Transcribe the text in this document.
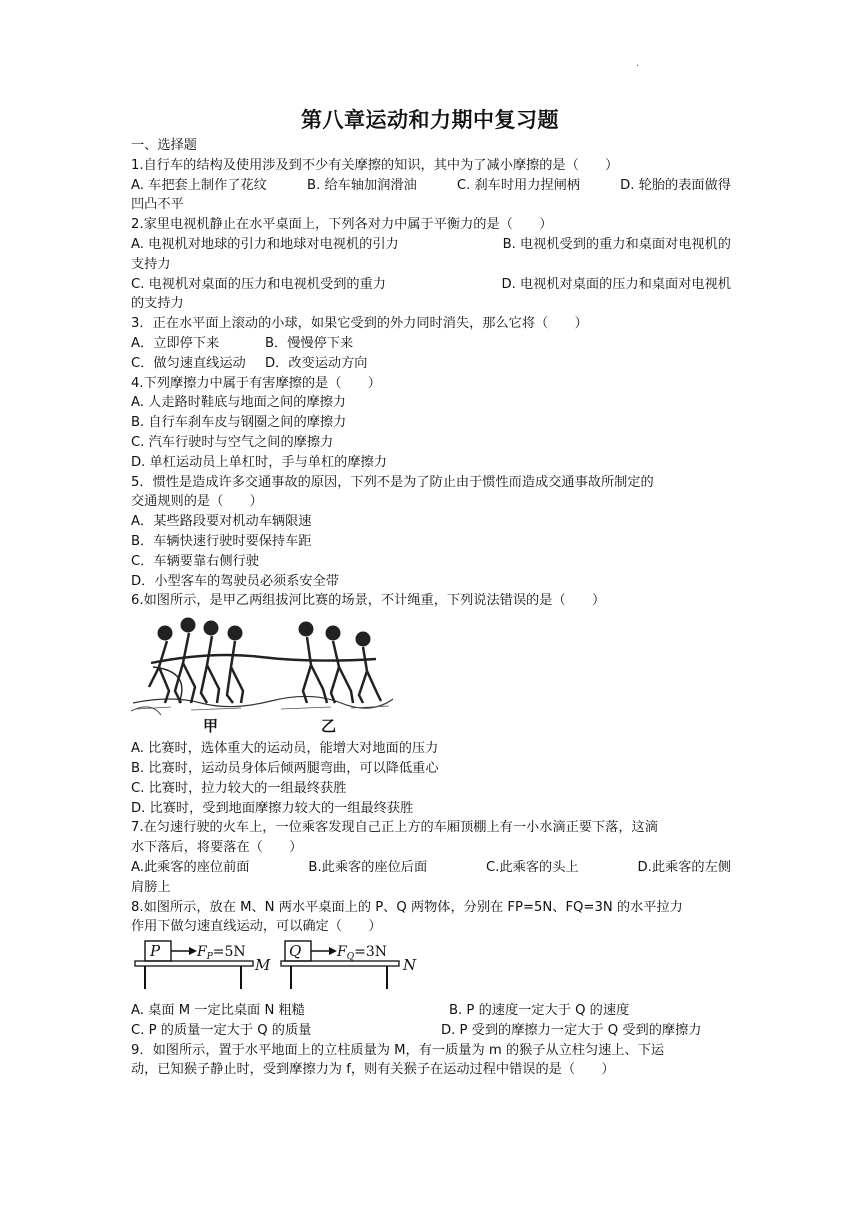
.
第八章运动和力期中复习题
一、选择题
1.自行车的结构及使用涉及到不少有关摩擦的知识，其中为了减小摩擦的是（　　）
A. 车把套上制作了花纹	B. 给车轴加润滑油	C. 刹车时用力捏闸柄	D. 轮胎的表面做得
凹凸不平
2.家里电视机静止在水平桌面上，下列各对力中属于平衡力的是（　　）
A. 电视机对地球的引力和地球对电视机的引力	B. 电视机受到的重力和桌面对电视机的
支持力
C. 电视机对桌面的压力和电视机受到的重力	D. 电视机对桌面的压力和桌面对电视机
的支持力
3．正在水平面上滚动的小球，如果它受到的外力同时消失，那么它将（　　）
A．立即停下来	B．慢慢停下来
C．做匀速直线运动	D．改变运动方向
4.下列摩擦力中属于有害摩擦的是（　　）
A. 人走路时鞋底与地面之间的摩擦力
B. 自行车刹车皮与钢圈之间的摩擦力
C. 汽车行驶时与空气之间的摩擦力
D. 单杠运动员上单杠时，手与单杠的摩擦力
5．惯性是造成许多交通事故的原因，下列不是为了防止由于惯性而造成交通事故所制定的
交通规则的是（　　）
A．某些路段要对机动车辆限速
B．车辆快速行驶时要保持车距
C．车辆要靠右侧行驶
D．小型客车的驾驶员必须系安全带
6.如图所示，是甲乙两组拔河比赛的场景，不计绳重，下列说法错误的是（　　）
甲	乙
A. 比赛时，选体重大的运动员，能增大对地面的压力
B. 比赛时，运动员身体后倾两腿弯曲，可以降低重心
C. 比赛时，拉力较大的一组最终获胜
D. 比赛时，受到地面摩擦力较大的一组最终获胜
7.在匀速行驶的火车上，一位乘客发现自己正上方的车厢顶棚上有一小水滴正要下落，这滴
水下落后，将要落在（　　）
A.此乘客的座位前面	B.此乘客的座位后面	C.此乘客的头上	D.此乘客的左侧
肩膀上
8.如图所示，放在 M、N 两水平桌面上的 P、Q 两物体，分别在 FP=5N、FQ=3N 的水平拉力
作用下做匀速直线运动，可以确定（　　）
P	$F_P=5N$
M
Q	$F_Q=3N$
N
A. 桌面 M 一定比桌面 N 粗糙	B. P 的速度一定大于 Q 的速度
C. P 的质量一定大于 Q 的质量	D. P 受到的摩擦力一定大于 Q 受到的摩擦力
9．如图所示，置于水平地面上的立柱质量为 M，有一质量为 m 的猴子从立柱匀速上、下运
动，已知猴子静止时，受到摩擦力为 f，则有关猴子在运动过程中错误的是（　　）
